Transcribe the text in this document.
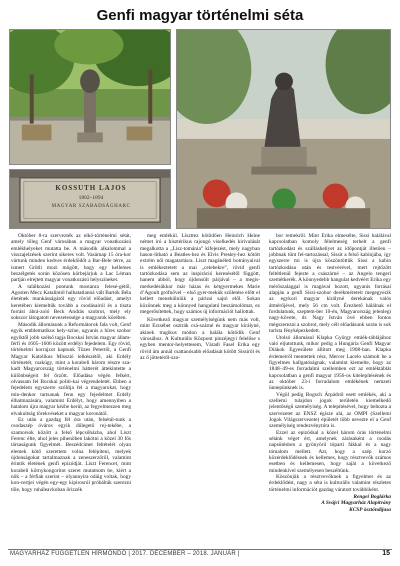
Genfi magyar történelmi séta
KOSSUTH LAJOS
1802–1894
MAGYAR SZABADSÁGHARC

Október 8-ra szervezték az elkö-történelmi sétát, amely tőleg Genf városában a magyar vonatkozású emlékhelyeket mutatta be. A második alkalommal a visszajelzések szerint sikeres volt. Vasárnap 15 óra-kor vártunk minden kedves érdeklődőt a Bar-Bele térre, az ismert Grütli mozi mögött, hogy egy kellemes beszélgetés során közösen körbejárjuk a Lac Léman partján elrejtett magyar vonatkozású helyszíneket.

A találkozási pontunk mostanra felesé-gétől, Agosten Mecz Katalintól halhatatlanná vált Bartók Béla életének munkásságáról egy rövid előadást, amelyt keretében kiemeltük tovább a csodásairól és a tiszta forrást ábrá-zoló Beck András szobrot, mely ely sokszor látogatott nevezetessége a magyarok körében.

Második állomásunk a Reformátorok fala volt, Genf egyik emblematikus hely-színe, ugyanis a híres szobor egyiktől jobb szélső tagja Bocskai István magyar állam-férfi és 1605–1606 között erdélyi fejedelem. Egy rövid, történelmi korrajzot kaptunk Tüzes Petertől, a Genfi Magyar Katolikus Misszió lelkészétől, aki Erdély történetét, csakúgy, mint a korabeli három részre sza-kadt Magyarország történelmi hátterét áttekintette a különbségeit fel őrzött. Előadása végén felkért, olvassam fel Bocskai politi-kai végrendeletét. Ebben a fejedelem egyszerre szólítja fel a magyarokat, hogy min-denkor tartsanak fenn egy fejedelmet Erdély élhatmazására, valamint Erdélyt, hogy amennyiben a hatalom újra magyar kézbe kerül, az fegyelmezzen meg elvakultság törekvéseket a magyar koronától.

Ez után a gazdag fél óra után, felsétál-tunk a csodaszép óváros egyik dűlegető rej-tekébe, a szamorsok között a felső lépcsőházba, ahol Liszt Ferenc élte, ahol jeles pihenőben lakótni a közel 30 fős társaságunk figyelmét. Beszédcímet feltételét olyan elemek kötő szerettem volna felépíteni, melyek újdonságokat tartalmaznak a zeneszerzőről, valamint érintik életének genfi epizódját. Liszt Ferencet, mint korabeli környkongoritot szeret mutatnom be, kiért a nők – a férfiak szerint – olyannyira odáig voltak, hogy kon-certjei végén egy-egy kipirosról próbálták szerezni tőle, hogy ruháleavkoban őrizzék

meg emlékül. Liszttez kötődően Heinrich Heine német író a hisztérikus rajongó viselkedés kirívalását megalkotta a „Lisz-tománia” kifejezést, mely nagyban hason-lítható a Beatles-hez és Elvis Presley-hez kötött extrém női magatartásra. Liszt magánéleti botrányaival is emlékeztetett a mai „celebekre”, rövid genfi tartózkodása sem az inspiráció keresésétől függött, hanem abból, hogy újdonsült párjával – a megis-merkedésükkor már házas és kétgyermekes Marie d’Agoult grófnővel – első gyer-mekük születése előtt el kellett menekülniük a párizsi sajtó elől. Sokan közönnek meg a könnyed hangulatú beszámolómat, ez megerősítettek, hogy számos új információt hallottak.

Következő magyar személyiségünk nem más volt, mint Erzsébet osztrák csá-szárné és magyar királyné, akinek tragikus módon a halála kötődik Genf városához. A Kulturális Központ pinzéjegyi felelőse s egyben mentor-helyettesem, Váradi Fasel Erika egy rövid ám annál csattanósabb előadását kötött Sissiről és az ő jöttetéről-szo-

bor remekről. Mint Erika elmesélte, Sissi halálával kapcsolatban komoly félelmeség terhelt a genfi tartózkodást és szállásheliyet az időpontját illetően – jobbnak tűnt fel-tartozással, Sissit a felső kabinjába, így egyszerre mi is újra köszöntöttük Sissi a kabin tartózkodása után és testvérével, mert rejtőzött feltétlenül fejezte a császárné – az Angelo tengeri szemétkerék. A könnyedebb hangulat kedvéért Erika egy mérőszalaggal is magával bozott, ugyanis forrásai alapján a genfi Sissi-szobor derékméreteit megegyezik az egykori magyar királyné derekának valós átmérőjével, mely 56 cm volt. Érezhető hálálnak el fordulatunk, szeptem-ber 10-én, Magyarország jelenlegi nagy-követe, dr. Nagy István övé ebben fontos mégszerezni a szobrot, mely célt előadásunk során is sok turista fényképezkedett.

Utolsó állomásul Klapka György emlék-táblájához való eljutottunk, mikor pedig a Hungária Genfi Magyar Diákok Egyesülete állított meg 1908-ban. Klapka érdemeiről mentettek rész, Mercer Lacelo számolt be a figyelmes hallgatóságnak, valamint kiemelte, hogy az 1848–49-es forradalmi szellemben ezt az emléktáblát kapcsolatban a genfi magyar 1956-os kitelepítésének és az október 23-i forradalom emlékének nemzeti ünnepünknek is.

Végül pedig Bogsch Árpádról esett emlékés, aki a szellemi tulajdon jogok területén kiemelkedő jelentőségű személyiség. A telepítésével, hogy behozta a szervezetet az ENSZ égisze alá, az OMPI (Szellemi Jogok Világszervezete) épületét több nevezte el a Genf személyiség rendezvénytóra is.

Ezzel az epizódsal a közel három órás történelmi sétánk véget ért, amelynek zárásaként a csodás napsütésben a gyönyörű tóparti fákkal és a nagy tómalom mellett. Azt, hogy a szép korzó közérdeklődésnek és kellemes, hogy résztvevők számos esetben és kellemesen, hogy saját a következő mindenkivel személyesen beszéltünk.

Köszönjük a résztvevőknek a figyelmet és az érdeklődést, nagy a séta is kulturális valamint részletes történelmi információt gazdag váratott továbbiként.

Rengei Boglárka
A Svájci Magyarház Alapítvány
KCSP ösztöndíjasa
MAGYARHÁZ FÜGGETLEN HÍRMONDÓ | 2017. DECEMBER – 2018. JANUÁR |	15
